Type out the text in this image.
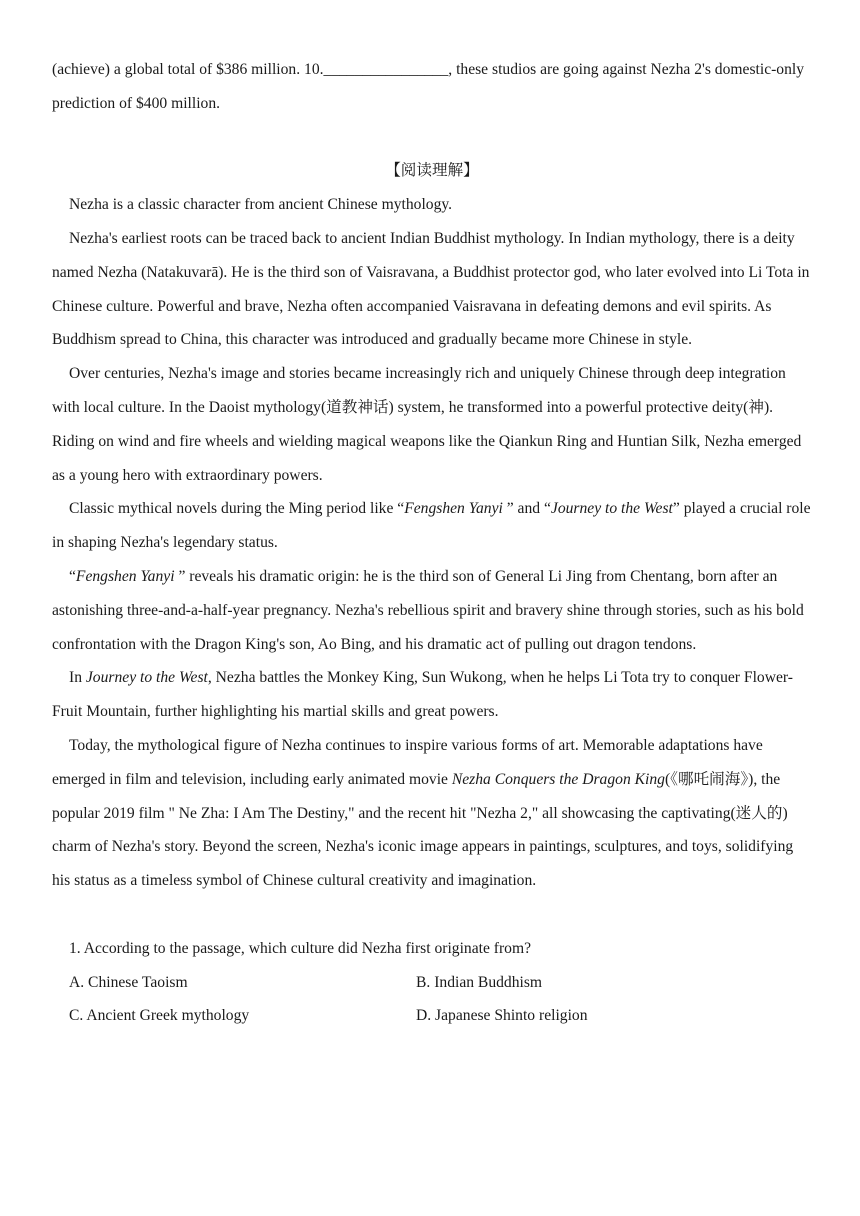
(achieve) a global total of $386 million. 10.________________, these studios are going against Nezha 2's domestic-only prediction of $400 million.

【阅读理解】

Nezha is a classic character from ancient Chinese mythology.

Nezha's earliest roots can be traced back to ancient Indian Buddhist mythology. In Indian mythology, there is a deity named Nezha (Natakuvarā). He is the third son of Vaisravana, a Buddhist protector god, who later evolved into Li Tota in Chinese culture. Powerful and brave, Nezha often accompanied Vaisravana in defeating demons and evil spirits. As Buddhism spread to China, this character was introduced and gradually became more Chinese in style.

Over centuries, Nezha's image and stories became increasingly rich and uniquely Chinese through deep integration with local culture. In the Daoist mythology(道教神话) system, he transformed into a powerful protective deity(神). Riding on wind and fire wheels and wielding magical weapons like the Qiankun Ring and Huntian Silk, Nezha emerged as a young hero with extraordinary powers.

Classic mythical novels during the Ming period like “Fengshen Yanyi ” and “Journey to the West” played a crucial role in shaping Nezha's legendary status.

“Fengshen Yanyi ” reveals his dramatic origin: he is the third son of General Li Jing from Chentang, born after an astonishing three-and-a-half-year pregnancy. Nezha's rebellious spirit and bravery shine through stories, such as his bold confrontation with the Dragon King's son, Ao Bing, and his dramatic act of pulling out dragon tendons.

In Journey to the West, Nezha battles the Monkey King, Sun Wukong, when he helps Li Tota try to conquer Flower-Fruit Mountain, further highlighting his martial skills and great powers.

Today, the mythological figure of Nezha continues to inspire various forms of art. Memorable adaptations have emerged in film and television, including early animated movie Nezha Conquers the Dragon King(《哪吒闹海》), the popular 2019 film " Ne Zha: I Am The Destiny," and the recent hit "Nezha 2," all showcasing the captivating(迷人的) charm of Nezha's story. Beyond the screen, Nezha's iconic image appears in paintings, sculptures, and toys, solidifying his status as a timeless symbol of Chinese cultural creativity and imagination.

1. According to the passage, which culture did Nezha first originate from?
A. Chinese Taoism	B. Indian Buddhism
C. Ancient Greek mythology	D. Japanese Shinto religion
